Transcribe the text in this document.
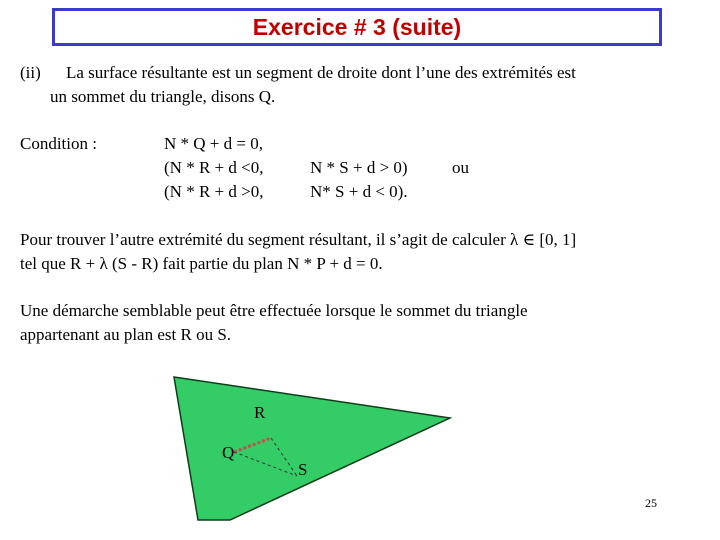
Exercice # 3 (suite)
(ii) La surface résultante est un segment de droite dont l’une des extrémités est
un sommet du triangle, disons Q.
Condition :	N * Q + d = 0,
(N * R + d <0,
(N * R + d >0,
N * S + d > 0)
N* S + d < 0).
ou
Pour trouver l’autre extrémité du segment résultant, il s’agit de calculer λ ∈ [0, 1]
tel que R + λ (S - R) fait partie du plan N * P + d = 0.
Une démarche semblable peut être effectuée lorsque le sommet du triangle
appartenant au plan est R ou S.
R
Q
S
25
